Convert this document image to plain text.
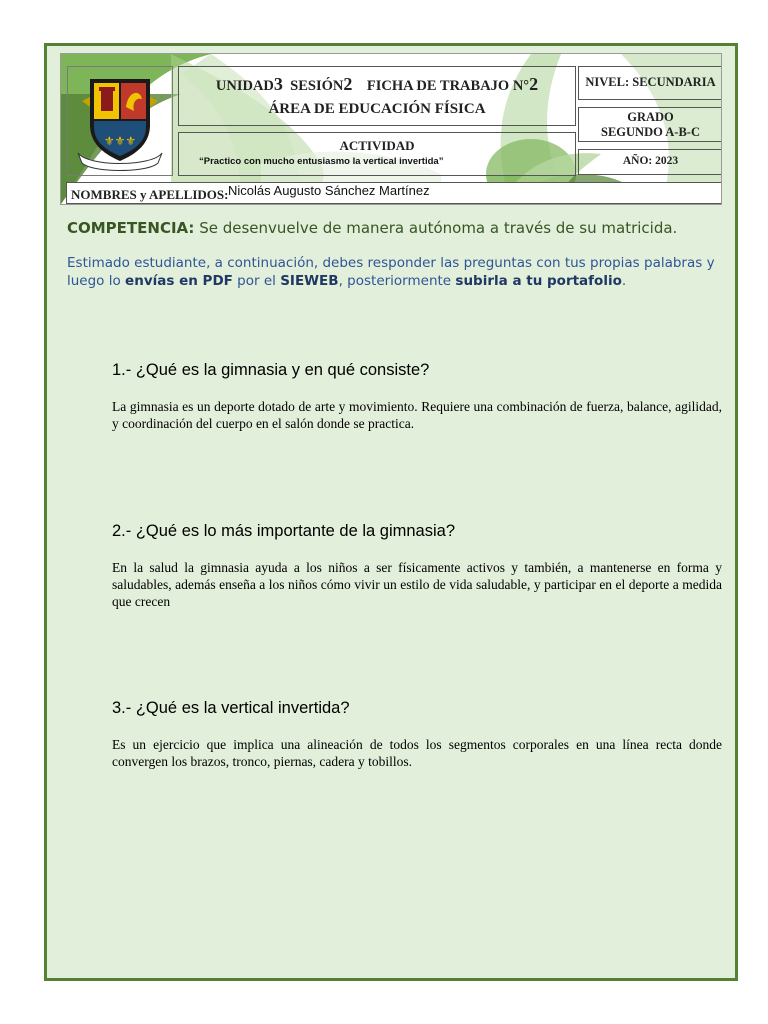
⚜⚜⚜
UNIDAD3 SESIÓN2 FICHA DE TRABAJO N°2
ÁREA DE EDUCACIÓN FÍSICA
ACTIVIDAD
“Practico con mucho entusiasmo la vertical invertida”
NIVEL: SECUNDARIA
GRADO
SEGUNDO A-B-C
AÑO: 2023
NOMBRES y APELLIDOS: Nicolás Augusto Sánchez Martínez
COMPETENCIA: Se desenvuelve de manera autónoma a través de su matricida.
Estimado estudiante, a continuación, debes responder las preguntas con tus propias palabras y luego lo envías en PDF por el SIEWEB, posteriormente subirla a tu portafolio.
1.- ¿Qué es la gimnasia y en qué consiste?
La gimnasia es un deporte dotado de arte y movimiento. Requiere una combinación de fuerza, balance, agilidad, y coordinación del cuerpo en el salón donde se practica.
2.- ¿Qué es lo más importante de la gimnasia?
En la salud la gimnasia ayuda a los niños a ser físicamente activos y también, a mantenerse en forma y saludables, además enseña a los niños cómo vivir un estilo de vida saludable, y participar en el deporte a medida que crecen
3.- ¿Qué es la vertical invertida?
Es un ejercicio que implica una alineación de todos los segmentos corporales en una línea recta donde convergen los brazos, tronco, piernas, cadera y tobillos.
